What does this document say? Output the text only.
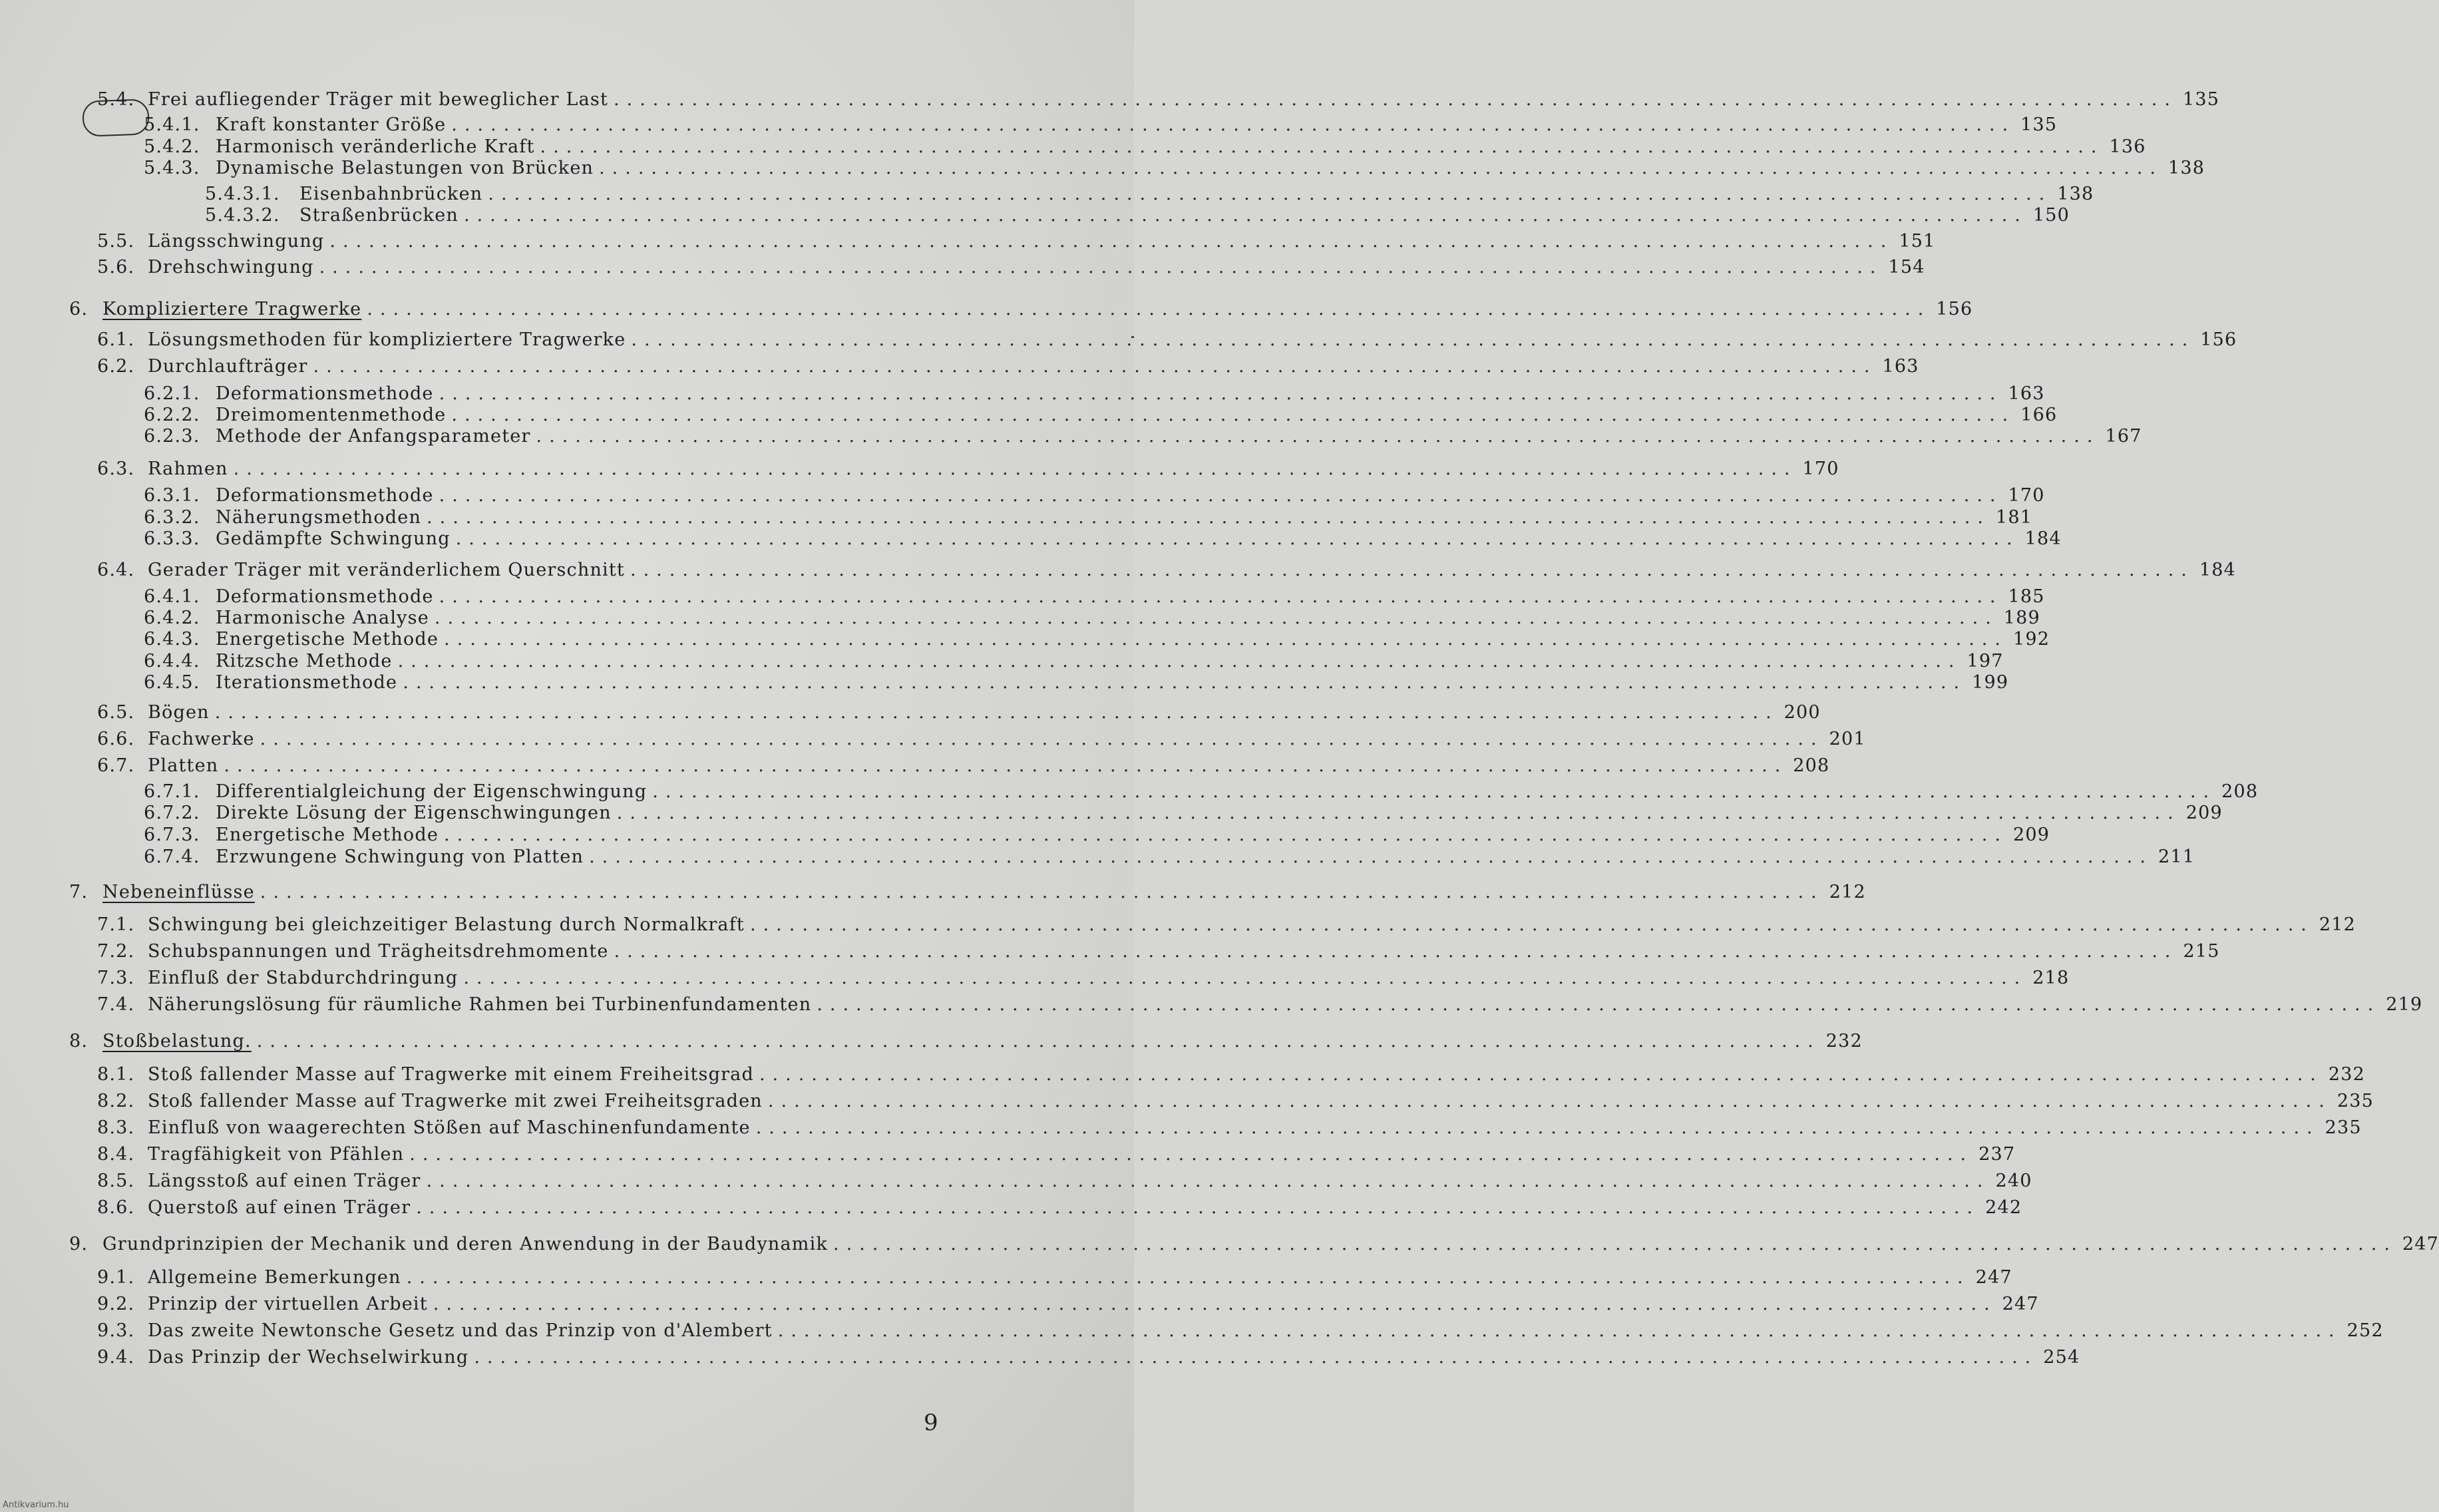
5.4. Frei aufliegender Träger mit beweglicher Last ........................................................................................................................ 135
5.4.1. Kraft konstanter Größe ........................................................................................................................ 135
5.4.2. Harmonisch veränderliche Kraft ........................................................................................................................ 136
5.4.3. Dynamische Belastungen von Brücken ........................................................................................................................ 138
5.4.3.1.	Eisenbahnbrücken ........................................................................................................................ 138
5.4.3.2.	Straßenbrücken ........................................................................................................................ 150
5.5. Längsschwingung ........................................................................................................................ 151
5.6. Drehschwingung ........................................................................................................................ 154
6. Kompliziertere Tragwerke ........................................................................................................................ 156
6.1. Lösungsmethoden für kompliziertere Tragwerke ........................................................................................................................ 156
6.2. Durchlaufträger ........................................................................................................................ 163
6.2.1. Deformationsmethode ........................................................................................................................ 163
6.2.2. Dreimomentenmethode ........................................................................................................................ 166
6.2.3. Methode der Anfangsparameter ........................................................................................................................ 167
6.3. Rahmen ........................................................................................................................ 170
6.3.1. Deformationsmethode ........................................................................................................................ 170
6.3.2. Näherungsmethoden ........................................................................................................................ 181
6.3.3. Gedämpfte Schwingung ........................................................................................................................ 184
6.4. Gerader Träger mit veränderlichem Querschnitt ........................................................................................................................ 184
6.4.1. Deformationsmethode ........................................................................................................................ 185
6.4.2. Harmonische Analyse ........................................................................................................................ 189
6.4.3. Energetische Methode ........................................................................................................................ 192
6.4.4. Ritzsche Methode ........................................................................................................................ 197
6.4.5. Iterationsmethode ........................................................................................................................ 199
6.5. Bögen ........................................................................................................................ 200
6.6. Fachwerke ........................................................................................................................ 201
6.7. Platten ........................................................................................................................ 208
6.7.1. Differentialgleichung der Eigenschwingung ........................................................................................................................ 208
6.7.2. Direkte Lösung der Eigenschwingungen ........................................................................................................................ 209
6.7.3. Energetische Methode ........................................................................................................................ 209
6.7.4. Erzwungene Schwingung von Platten ........................................................................................................................ 211
7. Nebeneinflüsse ........................................................................................................................ 212
7.1. Schwingung bei gleichzeitiger Belastung durch Normalkraft ........................................................................................................................ 212
7.2. Schubspannungen und Trägheitsdrehmomente ........................................................................................................................ 215
7.3. Einfluß der Stabdurchdringung ........................................................................................................................ 218
7.4. Näherungslösung für räumliche Rahmen bei Turbinenfundamenten ........................................................................................................................ 219
8. Stoßbelastung. ........................................................................................................................ 232
8.1. Stoß fallender Masse auf Tragwerke mit einem Freiheitsgrad ........................................................................................................................ 232
8.2. Stoß fallender Masse auf Tragwerke mit zwei Freiheitsgraden ........................................................................................................................ 235
8.3. Einfluß von waagerechten Stößen auf Maschinenfundamente ........................................................................................................................ 235
8.4. Tragfähigkeit von Pfählen ........................................................................................................................ 237
8.5. Längsstoß auf einen Träger ........................................................................................................................ 240
8.6. Querstoß auf einen Träger ........................................................................................................................ 242
9. Grundprinzipien der Mechanik und deren Anwendung in der Baudynamik ........................................................................................................................ 247
9.1. Allgemeine Bemerkungen ........................................................................................................................ 247
9.2. Prinzip der virtuellen Arbeit ........................................................................................................................ 247
9.3. Das zweite Newtonsche Gesetz und das Prinzip von d'Alembert ........................................................................................................................ 252
9.4. Das Prinzip der Wechselwirkung ........................................................................................................................ 254
9
Antikvarium.hu
